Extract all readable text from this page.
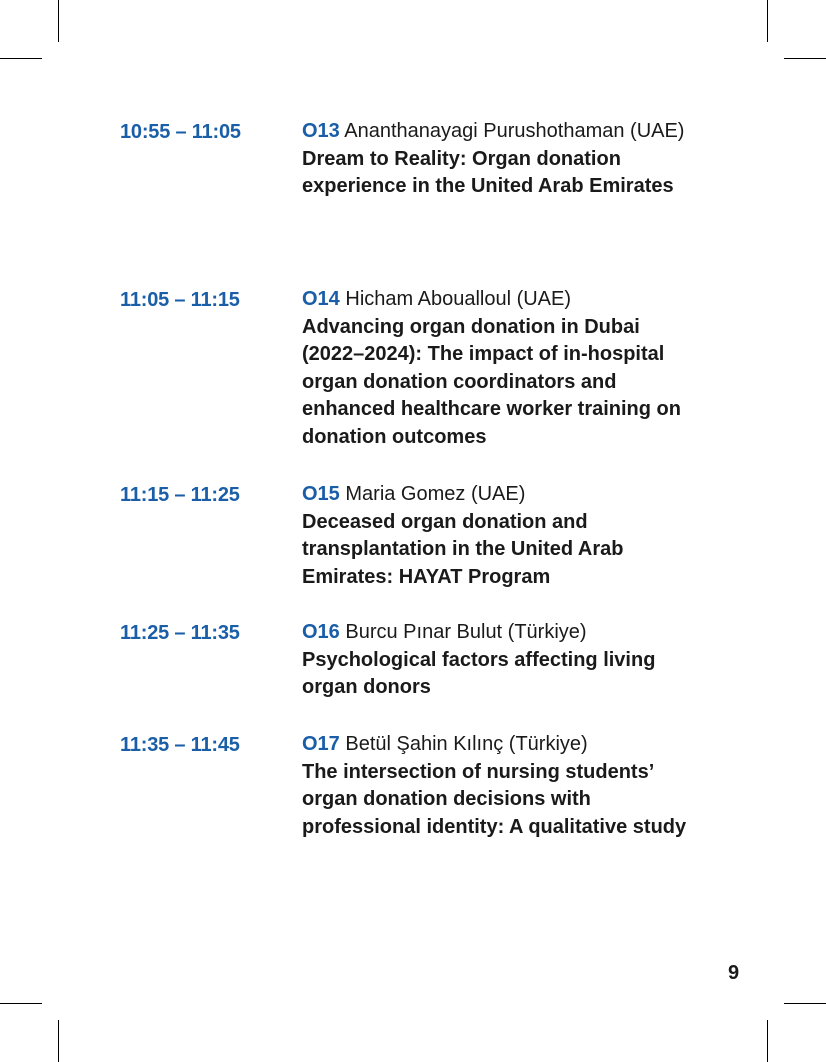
10:55 – 11:05	O13 Ananthanayagi Purushothaman (UAE)
Dream to Reality: Organ donation experience in the United Arab Emirates
11:05 – 11:15	O14 Hicham Aboualloul (UAE)
Advancing organ donation in Dubai (2022–2024): The impact of in-hospital organ donation coordinators and enhanced healthcare worker training on donation outcomes
11:15 – 11:25	O15 Maria Gomez (UAE)
Deceased organ donation and transplantation in the United Arab Emirates: HAYAT Program
11:25 – 11:35	O16 Burcu Pınar Bulut (Türkiye)
Psychological factors affecting living organ donors
11:35 – 11:45	O17 Betül Şahin Kılınç (Türkiye)
The intersection of nursing students’ organ donation decisions with professional identity: A qualitative study
9
